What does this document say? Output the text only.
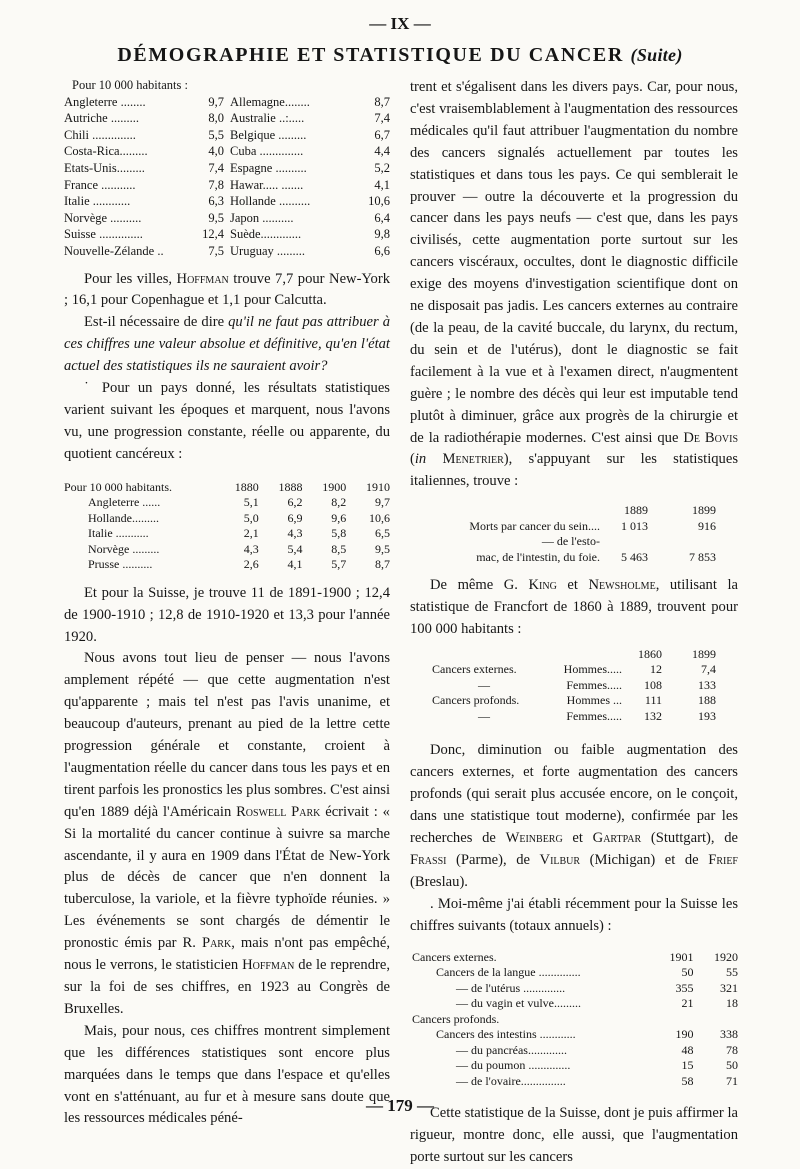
— IX —
DÉMOGRAPHIE ET STATISTIQUE DU CANCER (Suite)
Pour 10 000 habitants :
Angleterre ........	9,7 Allemagne........	8,7
Autriche .........	8,0 Australie ..:.....	7,4
Chili ..............	5,5 Belgique .........	6,7
Costa-Rica.........	4,0 Cuba ..............	4,4
Etats-Unis.........	7,4 Espagne ..........	5,2
France ...........	7,8 Hawar..... .......	4,1
Italie ............	6,3 Hollande ..........	10,6
Norvège ..........	9,5 Japon ..........	6,4
Suisse ..............	12,4 Suède.............	9,8
Nouvelle-Zélande ..	7,5 Uruguay .........	6,6

Pour les villes, Hoffman trouve 7,7 pour New-York ; 16,1 pour Copenhague et 1,1 pour Calcutta.

Est-il nécessaire de dire qu'il ne faut pas attribuer à ces chiffres une valeur absolue et définitive, qu'en l'état actuel des statistiques ils ne sauraient avoir?

˙ Pour un pays donné, les résultats statistiques varient suivant les époques et marquent, nous l'avons vu, une progression constante, réelle ou apparente, du quotient cancéreux :

Pour 10 000 habitants.	1880	1888	1900	1910
Angleterre ......	5,1	6,2	8,2	9,7
Hollande.........	5,0	6,9	9,6	10,6
Italie ...........	2,1	4,3	5,8	6,5
Norvège .........	4,3	5,4	8,5	9,5
Prusse ..........	2,6	4,1	5,7	8,7

Et pour la Suisse, je trouve 11 de 1891-1900 ; 12,4 de 1900-1910 ; 12,8 de 1910-1920 et 13,3 pour l'année 1920.

Nous avons tout lieu de penser — nous l'avons amplement répété — que cette augmentation n'est qu'apparente ; mais tel n'est pas l'avis unanime, et beaucoup d'auteurs, prenant au pied de la lettre cette progression générale et constante, croient à l'augmentation réelle du cancer dans tous les pays et en tirent parfois les pronostics les plus sombres. C'est ainsi qu'en 1889 déjà l'Américain Roswell Park écrivait : « Si la mortalité du cancer continue à suivre sa marche ascendante, il y aura en 1909 dans l'État de New-York plus de décès de cancer que n'en donnent la tuberculose, la variole, et la fièvre typhoïde réunies. » Les événements se sont chargés de démentir le pronostic émis par R. Park, mais n'ont pas empêché, nous le verrons, le statisticien Hoffman de le reprendre, sur la foi de ses chiffres, en 1923 au Congrès de Bruxelles.

Mais, pour nous, ces chiffres montrent simplement que les différences statistiques sont encore plus marquées dans le temps que dans l'espace et qu'elles vont en s'atténuant, au fur et à mesure sans doute que les ressources médicales péné-

trent et s'égalisent dans les divers pays. Car, pour nous, c'est vraisemblablement à l'augmentation des ressources médicales qu'il faut attribuer l'augmentation du nombre des cancers signalés actuellement par toutes les statistiques et dans tous les pays. Ce qui semblerait le prouver — outre la découverte et la progression du cancer dans les pays neufs — c'est que, dans les pays civilisés, cette augmentation porte surtout sur les cancers viscéraux, occultes, dont le diagnostic difficile exige des moyens d'investigation scientifique dont on ne disposait pas jadis. Les cancers externes au contraire (de la peau, de la cavité buccale, du larynx, du rectum, du sein et de l'utérus), dont le diagnostic se fait facilement à la vue et à l'examen direct, n'augmentent guère ; le nombre des décès qui leur est imputable tend plutôt à diminuer, grâce aux progrès de la chirurgie et de la radiothérapie modernes. C'est ainsi que De Bovis (in Menetrier), s'appuyant sur les statistiques italiennes, trouve :

	1889	1899
Morts par cancer du sein....	1 013	916
— de l'esto-		
mac, de l'intestin, du foie.	5 463	7 853

De même G. King et Newsholme, utilisant la statistique de Francfort de 1860 à 1889, trouvent pour 100 000 habitants :

		1860	1899
Cancers externes.	Hommes.....	12	7,4
—	Femmes.....	108	133
Cancers profonds.	Hommes ...	111	188
—	Femmes.....	132	193

Donc, diminution ou faible augmentation des cancers externes, et forte augmentation des cancers profonds (qui serait plus accusée encore, on le conçoit, dans une statistique tout moderne), confirmée par les recherches de Weinberg et Gartpar (Stuttgart), de Frassi (Parme), de Vilbur (Michigan) et de Frief (Breslau).

. Moi-même j'ai établi récemment pour la Suisse les chiffres suivants (totaux annuels) :

Cancers externes.	1901	1920
Cancers de la langue ..............	50	55
— de l'utérus ..............	355	321
— du vagin et vulve.........	21	18
Cancers profonds.		
Cancers des intestins ............	190	338
— du pancréas.............	48	78
— du poumon ..............	15	50
— de l'ovaire...............	58	71

Cette statistique de la Suisse, dont je puis affirmer la rigueur, montre donc, elle aussi, que l'augmentation porte surtout sur les cancers

— 179 —
